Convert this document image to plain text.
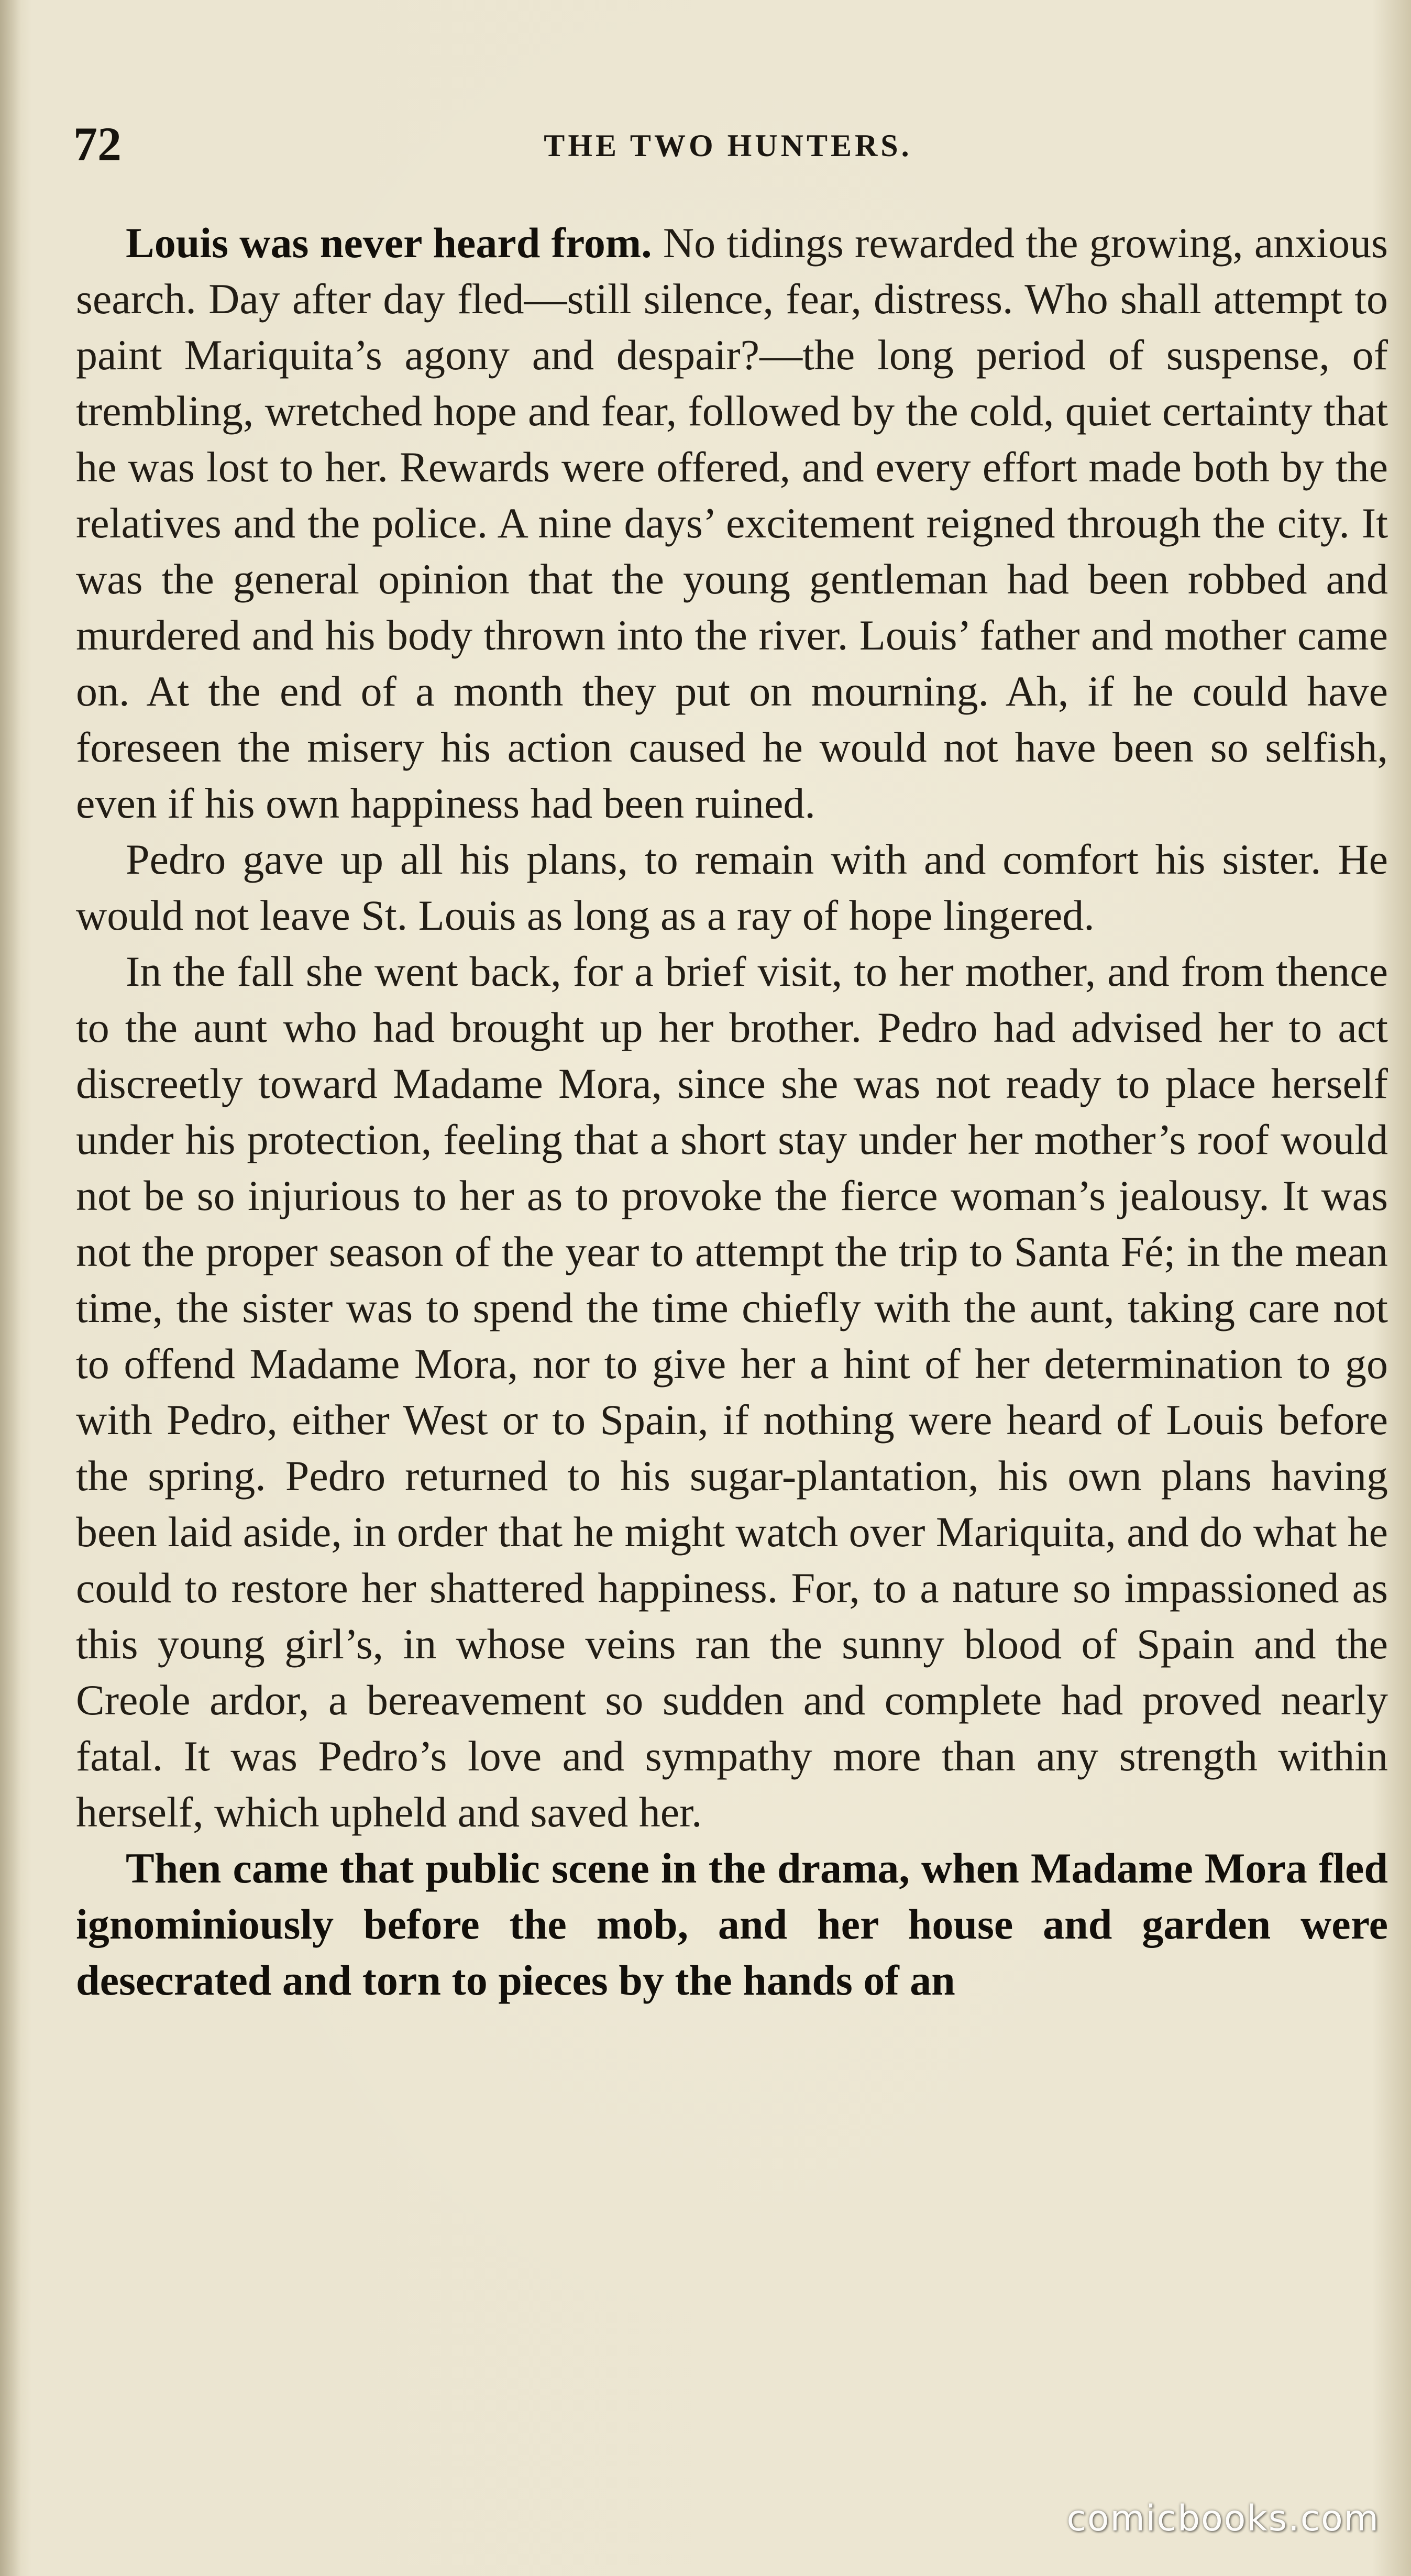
72	THE TWO HUNTERS.

Louis was never heard from. No tidings rewarded the growing, anxious search. Day after day fled—still silence, fear, distress. Who shall attempt to paint Mariquita’s agony and despair?—the long period of suspense, of trembling, wretched hope and fear, followed by the cold, quiet certainty that he was lost to her. Rewards were offered, and every effort made both by the relatives and the police. A nine days’ excitement reigned through the city. It was the general opinion that the young gentleman had been robbed and murdered and his body thrown into the river. Louis’ father and mother came on. At the end of a month they put on mourning. Ah, if he could have foreseen the misery his action caused he would not have been so selfish, even if his own happiness had been ruined.

Pedro gave up all his plans, to remain with and comfort his sister. He would not leave St. Louis as long as a ray of hope lingered.

In the fall she went back, for a brief visit, to her mother, and from thence to the aunt who had brought up her brother. Pedro had advised her to act discreetly toward Madame Mora, since she was not ready to place herself under his protection, feeling that a short stay under her mother’s roof would not be so injurious to her as to provoke the fierce woman’s jealousy. It was not the proper season of the year to attempt the trip to Santa Fé; in the mean time, the sister was to spend the time chiefly with the aunt, taking care not to offend Madame Mora, nor to give her a hint of her determination to go with Pedro, either West or to Spain, if nothing were heard of Louis before the spring. Pedro returned to his sugar-plantation, his own plans having been laid aside, in order that he might watch over Mariquita, and do what he could to restore her shattered happiness. For, to a nature so impassioned as this young girl’s, in whose veins ran the sunny blood of Spain and the Creole ardor, a bereavement so sudden and complete had proved nearly fatal. It was Pedro’s love and sympathy more than any strength within herself, which upheld and saved her.

Then came that public scene in the drama, when Madame Mora fled ignominiously before the mob, and her house and garden were desecrated and torn to pieces by the hands of an

comicbooks.com
